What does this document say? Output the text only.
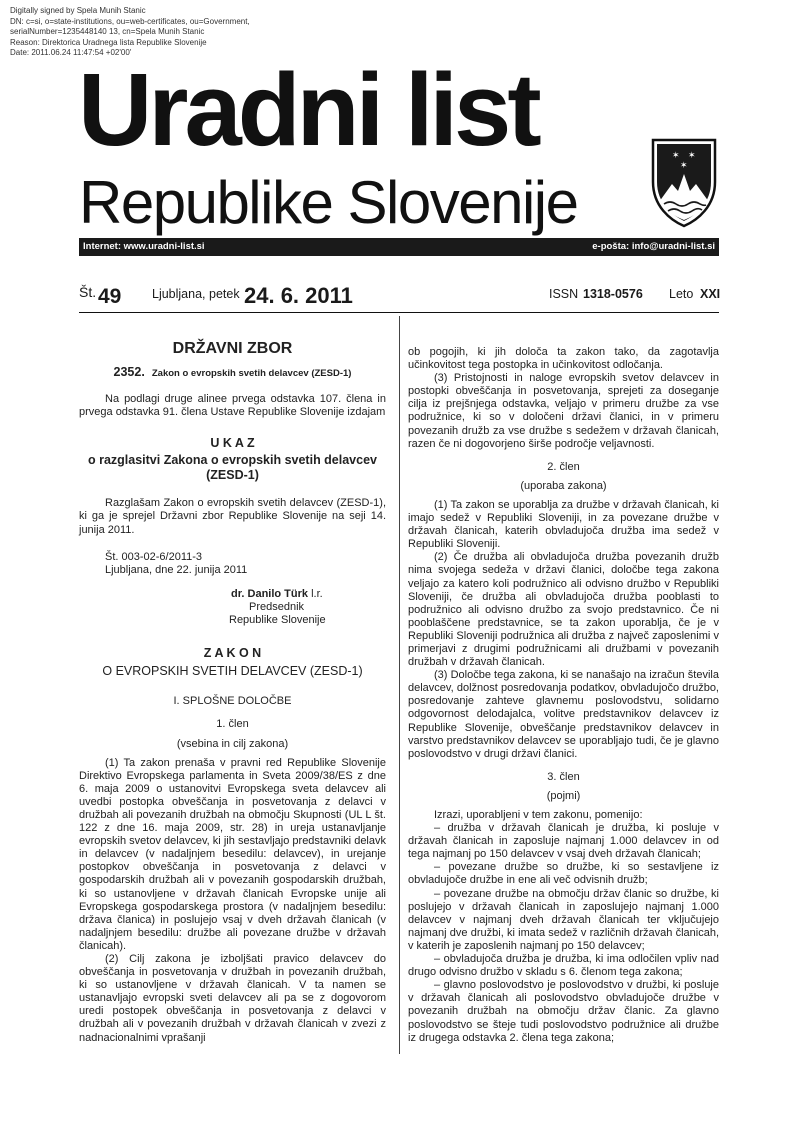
Digitally signed by Spela Munih Stanic
DN: c=si, o=state-institutions, ou=web-certificates, ou=Government,
serialNumber=1235448140 13, cn=Spela Munih Stanic
Reason: Direktorica Uradnega lista Republike Slovenije
Date: 2011.06.24 11:47:54 +02'00'
Uradni list
Republike Slovenije
✶ ✶
✶
Internet: www.uradni-list.si	e-pošta: info@uradni-list.si
Št. 49 Ljubljana, petek 24. 6. 2011	ISSN 1318-0576 Leto XXI

DRŽAVNI ZBOR

2352. Zakon o evropskih svetih delavcev (ZESD-1)

Na podlagi druge alinee prvega odstavka 107. člena in prvega odstavka 91. člena Ustave Republike Slovenije izdajam

U K A Z

o razglasitvi Zakona o evropskih svetih delavcev (ZESD-1)

Razglašam Zakon o evropskih svetih delavcev (ZESD-1), ki ga je sprejel Državni zbor Republike Slovenije na seji 14. junija 2011.

Št. 003-02-6/2011-3

Ljubljana, dne 22. junija 2011

dr. Danilo Türk l.r.

Predsednik

Republike Slovenije

Z A K O N

O EVROPSKIH SVETIH DELAVCEV (ZESD-1)

I. SPLOŠNE DOLOČBE

1. člen

(vsebina in cilj zakona)

(1) Ta zakon prenaša v pravni red Republike Slovenije Direktivo Evropskega parlamenta in Sveta 2009/38/ES z dne 6. maja 2009 o ustanovitvi Evropskega sveta delavcev ali uvedbi postopka obveščanja in posvetovanja z delavci v družbah ali povezanih družbah na območju Skupnosti (UL L št. 122 z dne 16. maja 2009, str. 28) in ureja ustanavljanje evropskih svetov delavcev, ki jih sestavljajo predstavniki delavk in delavcev (v nadaljnjem besedilu: delavcev), in urejanje postopkov obveščanja in posvetovanja z delavci v gospodarskih družbah ali v povezanih gospodarskih družbah, ki so ustanovljene v državah članicah Evropske unije ali Evropskega gospodarskega prostora (v nadaljnjem besedilu: država članica) in poslujejo vsaj v dveh državah članicah (v nadaljnjem besedilu: družbe ali povezane družbe v državah članicah).

(2) Cilj zakona je izboljšati pravico delavcev do obveščanja in posvetovanja v družbah in povezanih družbah, ki so ustanovljene v državah članicah. V ta namen se ustanavljajo evropski sveti delavcev ali pa se z dogovorom uredi postopek obveščanja in posvetovanja z delavci v družbah ali v povezanih družbah v državah članicah v zvezi z nadnacionalnimi vprašanji

ob pogojih, ki jih določa ta zakon tako, da zagotavlja učinkovitost tega postopka in učinkovitost odločanja.

(3) Pristojnosti in naloge evropskih svetov delavcev in postopki obveščanja in posvetovanja, sprejeti za doseganje cilja iz prejšnjega odstavka, veljajo v primeru družbe za vse podružnice, ki so v določeni državi članici, in v primeru povezanih družb za vse družbe s sedežem v državah članicah, razen če ni dogovorjeno širše področje veljavnosti.

2. člen

(uporaba zakona)

(1) Ta zakon se uporablja za družbe v državah članicah, ki imajo sedež v Republiki Sloveniji, in za povezane družbe v državah članicah, katerih obvladujoča družba ima sedež v Republiki Sloveniji.

(2) Če družba ali obvladujoča družba povezanih družb nima svojega sedeža v državi članici, določbe tega zakona veljajo za katero koli podružnico ali odvisno družbo v Republiki Sloveniji, če družba ali obvladujoča družba pooblasti to podružnico ali odvisno družbo za svojo predstavnico. Če ni pooblaščene predstavnice, se ta zakon uporablja, če je v Republiki Sloveniji podružnica ali družba z največ zaposlenimi v primerjavi z drugimi podružnicami ali družbami v povezanih družbah v državah članicah.

(3) Določbe tega zakona, ki se nanašajo na izračun števila delavcev, dolžnost posredovanja podatkov, obvladujočo družbo, posredovanje zahteve glavnemu poslovodstvu, solidarno odgovornost delodajalca, volitve predstavnikov delavcev iz Republike Slovenije, obveščanje predstavnikov delavcev in varstvo predstavnikov delavcev se uporabljajo tudi, če je glavno poslovodstvo v drugi državi članici.

3. člen

(pojmi)

Izrazi, uporabljeni v tem zakonu, pomenijo:

– družba v državah članicah je družba, ki posluje v državah članicah in zaposluje najmanj 1.000 delavcev in od tega najmanj po 150 delavcev v vsaj dveh državah članicah;

– povezane družbe so družbe, ki so sestavljene iz obvladujoče družbe in ene ali več odvisnih družb;

– povezane družbe na območju držav članic so družbe, ki poslujejo v državah članicah in zaposlujejo najmanj 1.000 delavcev v najmanj dveh državah članicah ter vključujejo najmanj dve družbi, ki imata sedež v različnih državah članicah, v katerih je zaposlenih najmanj po 150 delavcev;

– obvladujoča družba je družba, ki ima odločilen vpliv nad drugo odvisno družbo v skladu s 6. členom tega zakona;

– glavno poslovodstvo je poslovodstvo v družbi, ki posluje v državah članicah ali poslovodstvo obvladujoče družbe v povezanih družbah na območju držav članic. Za glavno poslovodstvo se šteje tudi poslovodstvo podružnice ali družbe iz drugega odstavka 2. člena tega zakona;
